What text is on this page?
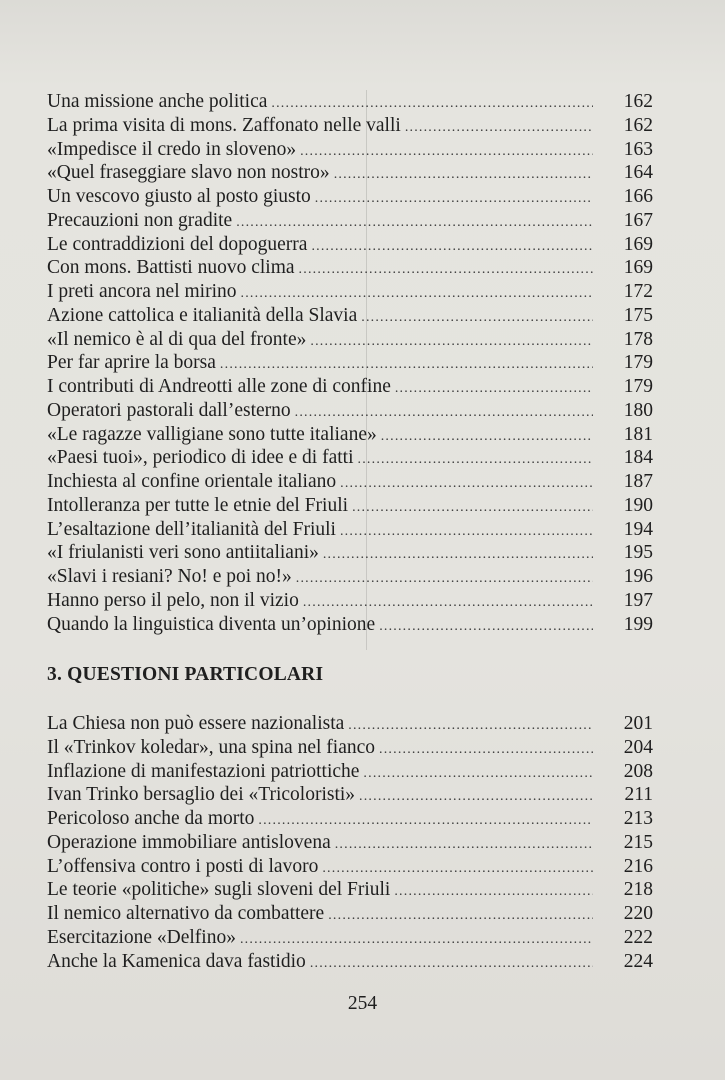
Una missione anche politica .....	162
La prima visita di mons. Zaffonato nelle valli .....	162
«Impedisce il credo in sloveno» .....	163
«Quel fraseggiare slavo non nostro» .....	164
Un vescovo giusto al posto giusto .....	166
Precauzioni non gradite .....	167
Le contraddizioni del dopoguerra .....	169
Con mons. Battisti nuovo clima .....	169
I preti ancora nel mirino .....	172
Azione cattolica e italianità della Slavia .....	175
«Il nemico è al di qua del fronte» .....	178
Per far aprire la borsa .....	179
I contributi di Andreotti alle zone di confine .....	179
Operatori pastorali dall’esterno .....	180
«Le ragazze valligiane sono tutte italiane» .....	181
«Paesi tuoi», periodico di idee e di fatti .....	184
Inchiesta al confine orientale italiano .....	187
Intolleranza per tutte le etnie del Friuli .....	190
L’esaltazione dell’italianità del Friuli .....	194
«I friulanisti veri sono antiitaliani» .....	195
«Slavi i resiani? No! e poi no!» .....	196
Hanno perso il pelo, non il vizio .....	197
Quando la linguistica diventa un’opinione .....	199
3. QUESTIONI PARTICOLARI
La Chiesa non può essere nazionalista .....	201
Il «Trinkov koledar», una spina nel fianco .....	204
Inflazione di manifestazioni patriottiche .....	208
Ivan Trinko bersaglio dei «Tricoloristi» .....	211
Pericoloso anche da morto .....	213
Operazione immobiliare antislovena .....	215
L’offensiva contro i posti di lavoro .....	216
Le teorie «politiche» sugli sloveni del Friuli .....	218
Il nemico alternativo da combattere .....	220
Esercitazione «Delfino» .....	222
Anche la Kamenica dava fastidio .....	224
254
